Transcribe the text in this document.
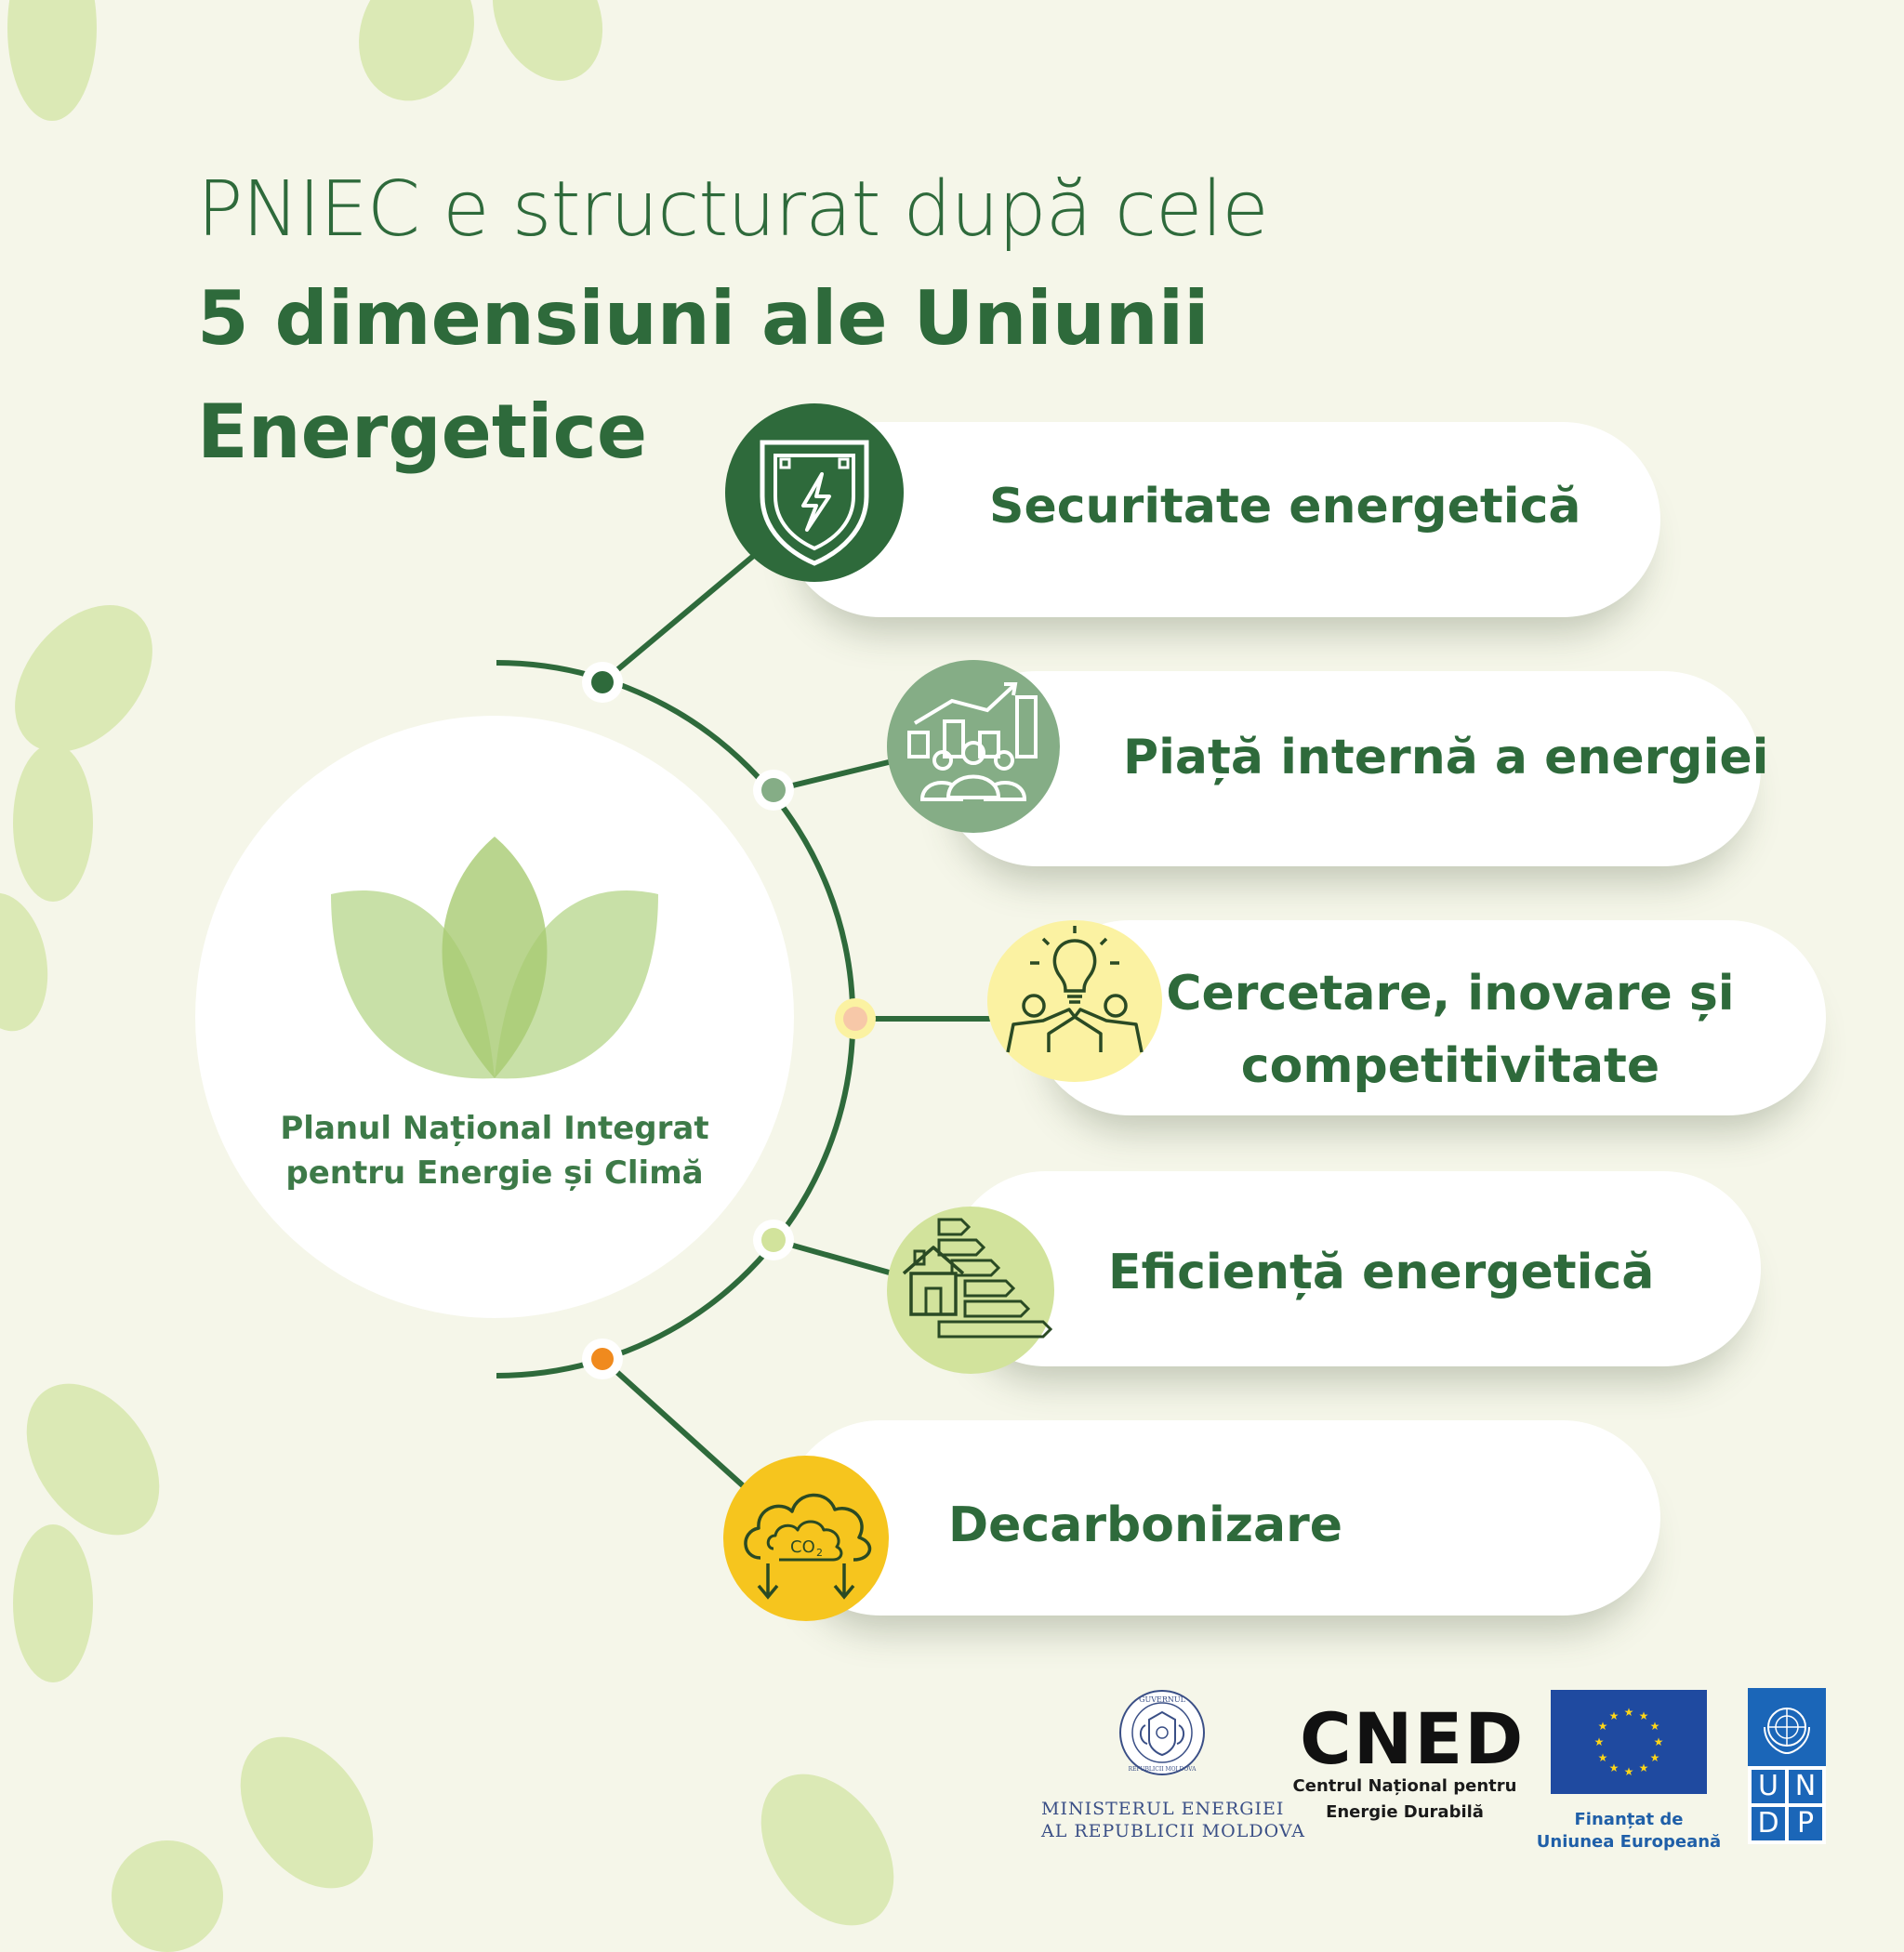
PNIEC e structurat după cele
5 dimensiuni ale Uniunii
Energetice
Planul Național Integrat
pentru Energie și Climă
Securitate energetică
Piață internă a energiei
Cercetare, inovare și
competitivitate
Eficiență energetică
Decarbonizare
CO 2
GUVERNUL
REPUBLICII MOLDOVA
MINISTERUL ENERGIEI
AL REPUBLICII MOLDOVA
CNED
Centrul Național pentru
Energie Durabilă
★ ★
★
★
★
★
★
★
★
★
★
★
Finanțat de
Uniunea Europeană
U N
D P
